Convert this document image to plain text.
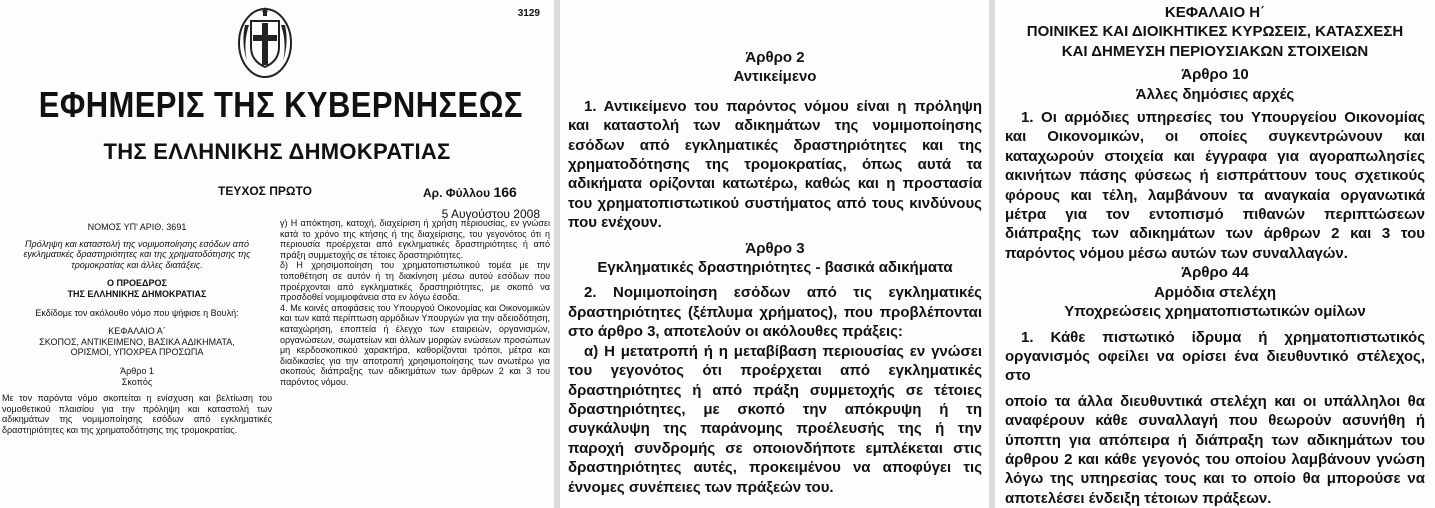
3129
ΕΦΗΜΕΡΙΣ ΤΗΣ ΚΥΒΕΡΝΗΣΕΩΣ
ΤΗΣ ΕΛΛΗΝΙΚΗΣ ΔΗΜΟΚΡΑΤΙΑΣ
ΤΕΥΧΟΣ ΠΡΩΤΟ	Αρ. Φύλλου 166
5 Αυγούστου 2008

ΝΟΜΟΣ ΥΠ' ΑΡΙΘ. 3691

Πρόληψη και καταστολή της νομιμοποίησης εσόδων από εγκληματικές δραστηριότητες και της χρηματοδότησης της τρομοκρατίας και άλλες διατάξεις.

Ο ΠΡΟΕΔΡΟΣ

ΤΗΣ ΕΛΛΗΝΙΚΗΣ ΔΗΜΟΚΡΑΤΙΑΣ

Εκδίδομε τον ακόλουθο νόμο που ψήφισε η Βουλή:

ΚΕΦΑΛΑΙΟ Α΄

ΣΚΟΠΟΣ, ΑΝΤΙΚΕΙΜΕΝΟ, ΒΑΣΙΚΑ ΑΔΙΚΗΜΑΤΑ,

ΟΡΙΣΜΟΙ, ΥΠΟΧΡΕΑ ΠΡΟΣΩΠΑ

Άρθρο 1

Σκοπός

Με τον παρόντα νόμο σκοπείται η ενίσχυση και βελτίωση του νομοθετικού πλαισίου για την πρόληψη και καταστολή των αδικημάτων της νομιμοποίησης εσόδων από εγκληματικές δραστηριότητες και της χρηματοδότησης της τρομοκρατίας.

γ) Η απόκτηση, κατοχή, διαχείριση ή χρήση περιουσίας, εν γνώσει κατά το χρόνο της κτήσης ή της διαχείρισης, του γεγονότος ότι η περιουσία προέρχεται από εγκληματικές δραστηριότητες ή από πράξη συμμετοχής σε τέτοιες δραστηριότητες.

δ) Η χρησιμοποίηση του χρηματοπιστωτικού τομέα με την τοποθέτηση σε αυτόν ή τη διακίνηση μέσω αυτού εσόδων που προέρχονται από εγκληματικές δραστηριότητες, με σκοπό να προσδοθεί νομιμοφάνεια στα εν λόγω έσοδα.

4. Με κοινές αποφάσεις του Υπουργού Οικονομίας και Οικονομικών και των κατά περίπτωση αρμόδιων Υπουργών για την αδειοδότηση, καταχώρηση, εποπτεία ή έλεγχο των εταιρειών, οργανισμών, οργανώσεων, σωματείων και άλλων μορφών ενώσεων προσώπων μη κερδοσκοπικού χαρακτήρα, καθορίζονται τρόποι, μέτρα και διαδικασίες για την αποτροπή χρησιμοποίησης των ανωτέρω για σκοπούς διάπραξης των αδικημάτων των άρθρων 2 και 3 του παρόντος νόμου.

Άρθρο 2

Αντικείμενο

1. Αντικείμενο του παρόντος νόμου είναι η πρόληψη και καταστολή των αδικημάτων της νομιμοποίησης εσόδων από εγκληματικές δραστηριότητες και της χρηματοδότησης της τρομοκρατίας, όπως αυτά τα αδικήματα ορίζονται κατωτέρω, καθώς και η προστασία του χρηματοπιστωτικού συστήματος από τους κινδύνους που ενέχουν.

Άρθρο 3

Εγκληματικές δραστηριότητες - βασικά αδικήματα

2. Νομιμοποίηση εσόδων από τις εγκληματικές δραστηριότητες (ξέπλυμα χρήματος), που προβλέπονται στο άρθρο 3, αποτελούν οι ακόλουθες πράξεις:

α) Η μετατροπή ή η μεταβίβαση περιουσίας εν γνώσει του γεγονότος ότι προέρχεται από εγκληματικές δραστηριότητες ή από πράξη συμμετοχής σε τέτοιες δραστηριότητες, με σκοπό την απόκρυψη ή τη συγκάλυψη της παράνομης προέλευσής της ή την παροχή συνδρομής σε οποιονδήποτε εμπλέκεται στις δραστηριότητες αυτές, προκειμένου να αποφύγει τις έννομες συνέπειες των πράξεών του.

ΚΕΦΑΛΑΙΟ Η΄

ΠΟΙΝΙΚΕΣ ΚΑΙ ΔΙΟΙΚΗΤΙΚΕΣ ΚΥΡΩΣΕΙΣ, ΚΑΤΑΣΧΕΣΗ

ΚΑΙ ΔΗΜΕΥΣΗ ΠΕΡΙΟΥΣΙΑΚΩΝ ΣΤΟΙΧΕΙΩΝ

Άρθρο 10

Άλλες δημόσιες αρχές

1. Οι αρμόδιες υπηρεσίες του Υπουργείου Οικονομίας και Οικονομικών, οι οποίες συγκεντρώνουν και καταχωρούν στοιχεία και έγγραφα για αγοραπωλησίες ακινήτων πάσης φύσεως ή εισπράττουν τους σχετικούς φόρους και τέλη, λαμβάνουν τα αναγκαία οργανωτικά μέτρα για τον εντοπισμό πιθανών περιπτώσεων διάπραξης των αδικημάτων των άρθρων 2 και 3 του παρόντος νόμου μέσω αυτών των συναλλαγών.

Άρθρο 44

Αρμόδια στελέχη

Υποχρεώσεις χρηματοπιστωτικών ομίλων

1. Κάθε πιστωτικό ίδρυμα ή χρηματοπιστωτικός οργανισμός οφείλει να ορίσει ένα διευθυντικό στέλεχος, στο

οποίο τα άλλα διευθυντικά στελέχη και οι υπάλληλοι θα αναφέρουν κάθε συναλλαγή που θεωρούν ασυνήθη ή ύποπτη για απόπειρα ή διάπραξη των αδικημάτων του άρθρου 2 και κάθε γεγονός του οποίου λαμβάνουν γνώση λόγω της υπηρεσίας τους και το οποίο θα μπορούσε να αποτελέσει ένδειξη τέτοιων πράξεων.
